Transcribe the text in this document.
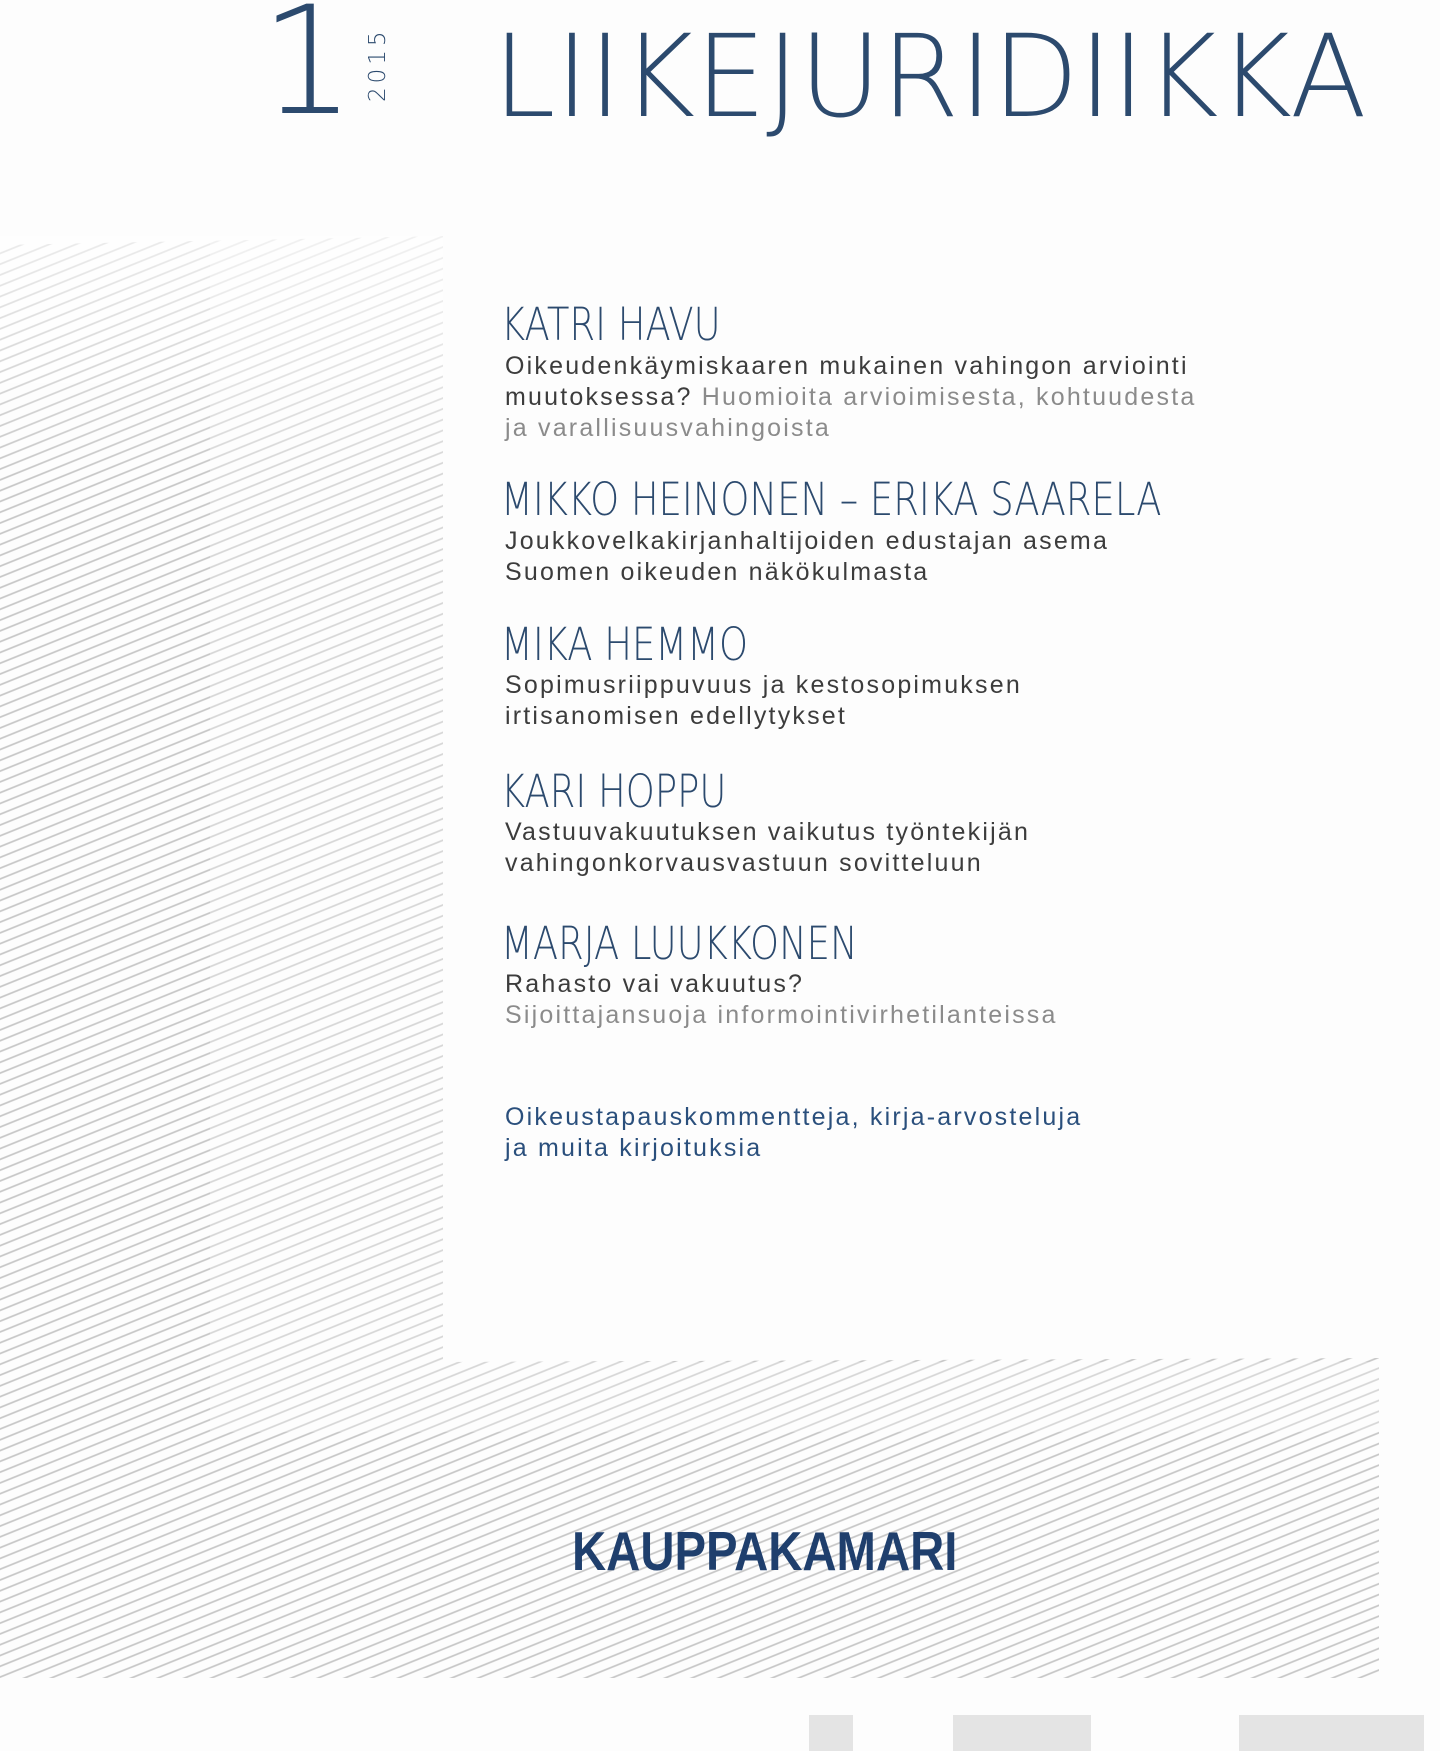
1 2015 LIIKEJURIDIIKKA
KATRI HAVU
Oikeudenkäymiskaaren mukainen vahingon arviointi
muutoksessa? Huomioita arvioimisesta, kohtuudesta
ja varallisuusvahingoista
MIKKO HEINONEN – ERIKA SAARELA
Joukkovelkakirjanhaltijoiden edustajan asema
Suomen oikeuden näkökulmasta
MIKA HEMMO
Sopimusriippuvuus ja kestosopimuksen
irtisanomisen edellytykset
KARI HOPPU
Vastuuvakuutuksen vaikutus työntekijän
vahingonkorvausvastuun sovitteluun
MARJA LUUKKONEN
Rahasto vai vakuutus?
Sijoittajansuoja informointivirhetilanteissa
Oikeustapauskommentteja, kirja-arvosteluja
ja muita kirjoituksia
KAUPPAKAMARI
